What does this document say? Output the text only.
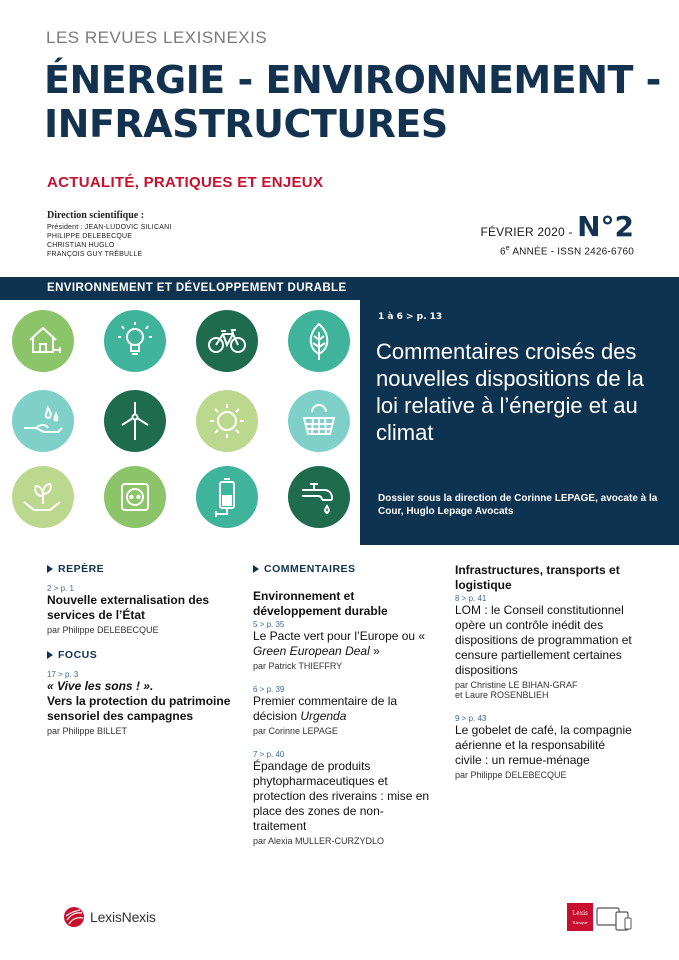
LES REVUES LEXISNEXIS
ÉNERGIE - ENVIRONNEMENT -
INFRASTRUCTURES
ACTUALITÉ, PRATIQUES ET ENJEUX
Direction scientifique :
Président : JEAN-LUDOVIC SILICANI
PHILIPPE DELEBECQUE
CHRISTIAN HUGLO
FRANÇOIS GUY TRÉBULLE
FÉVRIER 2020 - N°2
6e ANNÉE - ISSN 2426-6760
ENVIRONNEMENT ET DÉVELOPPEMENT DURABLE
1 à 6 > p. 13
Commentaires croisés des nouvelles dispositions de la loi relative à l’énergie et au climat
Dossier sous la direction de Corinne LEPAGE, avocate à la Cour, Huglo Lepage Avocats
REPÈRE
2 > p. 1
Nouvelle externalisation des services de l’État
par Philippe DELEBECQUE
FOCUS
17 > p. 3
« Vive les sons ! ».
Vers la protection du patrimoine sensoriel des campagnes
par Philippe BILLET
COMMENTAIRES
Environnement et développement durable
5 > p. 35
Le Pacte vert pour l’Europe ou « Green European Deal »
par Patrick THIEFFRY
6 > p. 39
Premier commentaire de la décision Urgenda
par Corinne LEPAGE
7 > p. 40
Épandage de produits phytopharmaceutiques et protection des riverains : mise en place des zones de non-traitement
par Alexia MULLER-CURZYDLO
Infrastructures, transports et logistique
8 > p. 41
LOM : le Conseil constitutionnel opère un contrôle inédit des dispositions de programmation et censure partiellement certaines dispositions
par Christine LE BIHAN-GRAF
et Laure ROSENBLIEH
9 > p. 43
Le gobelet de café, la compagnie aérienne et la responsabilité civile : un remue-ménage
par Philippe DELEBECQUE
LexisNexis	Lexis
Kiosque
